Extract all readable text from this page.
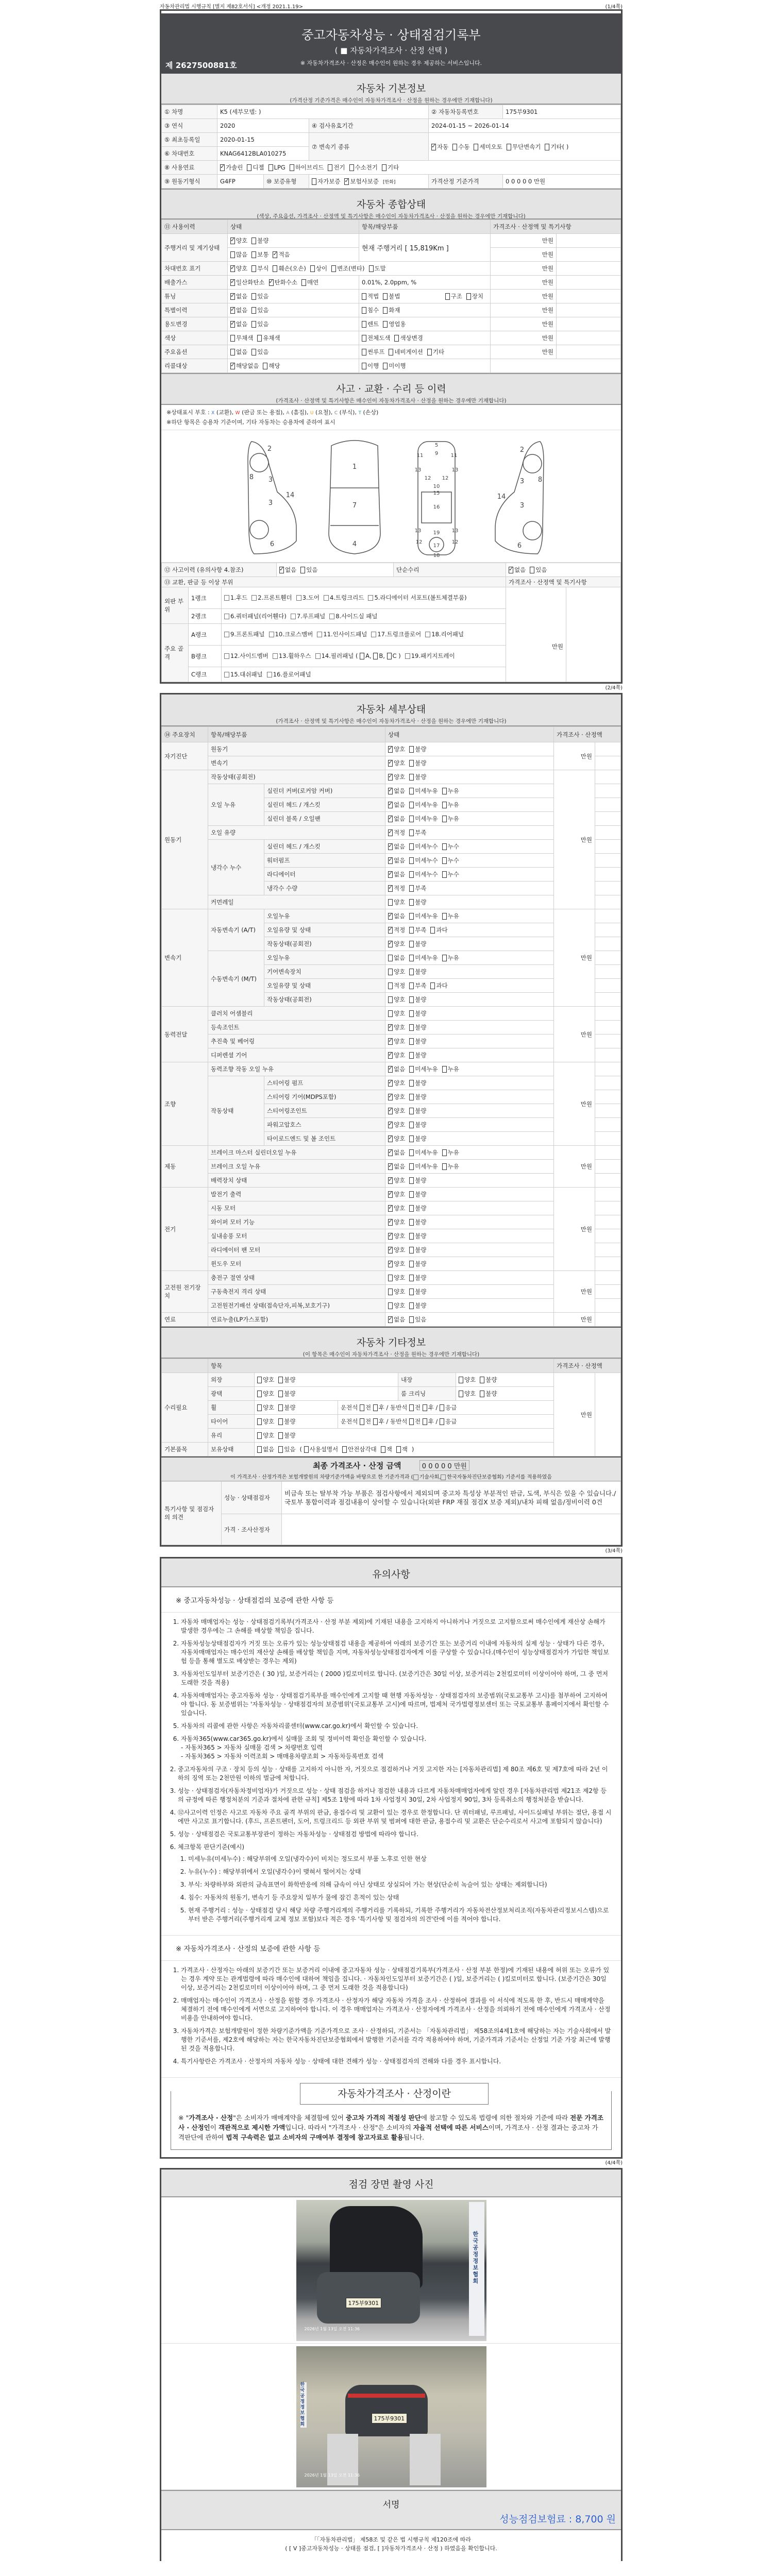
자동차관리법 시행규칙 [별지 제82호서식] <개정 2021.1.19>	(1/4쪽)
중고자동차성능 · 상태점검기록부
( ■ 자동차가격조사 · 산정 선택 )
※ 자동차가격조사 · 산정은 매수인이 원하는 경우 제공하는 서비스입니다.
제 2627500881호
자동차 기본정보
(가격산정 기준가격은 매수인이 자동차가격조사 · 산정을 원하는 경우에만 기재합니다)
① 차명	K5 (세부모델: )			② 자동차등록번호	175부9301
③ 연식	2020		④ 검사유효기간	2024-01-15 ~ 2026-01-14	
⑤ 최초등록일	2020-01-15		⑦ 변속기 종류	✓자동 수동 세미오토 무단변속기 기타( )
⑥ 차대번호	KNAG6412BLA010275				
⑧ 사용연료	✓가솔린 디젤 LPG 하이브리드 전기 수소전기 기타
⑨ 원동기형식	G4FP	⑩ 보증유형	자가보증 ✓ 보험사보증 [한화]	가격산정 기준가격	0 0 0 0 0 만원
자동차 종합상태
(색상, 주요옵션, 가격조사 · 산정액 및 특기사항은 매수인이 자동차가격조사 · 산정을 원하는 경우에만 기재합니다)
⑪ 사용이력	상태	항목/해당부품	가격조사 · 산정액 및 특기사항	
주행거리 및 계기상태	✓양호 불량	현재 주행거리 [ 15,819Km ]	만원	
	많음 보통 ✓ 적음		만원	
차대번호 표기	✓양호 부식 훼손(오손) 상이 변조(변타) 도말		만원	
배출가스	✓일산화탄소 ✓ 탄화수소 매연	0.01%, 2.0ppm, %	만원	
튜닝	✓없음 있음	적법 불법 구조 장치	만원	
특별이력	✓없음 있음	침수 화재	만원	
용도변경	✓없음 있음	렌트 영업용	만원	
색상	무채색 유채색	전체도색 색상변경	만원	
주요옵션	없음 있음	썬루프 네비게이션 기타	만원	
리콜대상	✓해당없음 해당	이행 미이행		
사고 · 교환 · 수리 등 이력
(가격조사 · 산정액 및 특기사항은 매수인이 자동차가격조사 · 산정을 원하는 경우에만 기재합니다)
※상태표시 부호 : X (교환), W (판금 또는 용접), A (흠집), U (요철), C (부식), T (손상)
※하단 항목은 승용차 기준이며, 기타 자동차는 승용차에 준하여 표시
2
8 3
3
14
6
2
8
3
3
14
6
1
7
4
5
9
11	11
13	13
12 12
10
15
16
13	13
19
12	12
17
18
⑫ 사고이력 (유의사항 4.참조)	✓없음 있음	단순수리	✓없음 있음
⑬ 교환, 판금 등 이상 부위					가격조사 · 산정액 및 특기사항	
외판 부위	1랭크	1.후드 2.프론트휀더 3.도어 4.트렁크리드 5.라디에이터 서포트(볼트체결부품)			만원	
	2랭크	6.쿼터패널(리어휀다) 7.루프패널 8.사이드실 패널				
주요 골격	A랭크	9.프론트패널 10.크로스멤버 11.인사이드패널 17.트렁크플로어 18.리어패널				
	B랭크	12.사이드멤버 13.휠하우스 14.필러패널 ( A, B, C ) 19.패키지트레이				
	C랭크	15.대쉬패널 16.플로어패널				
(2/4쪽)
자동차 세부상태
(가격조사 · 산정액 및 특기사항은 매수인이 자동차가격조사 · 산정을 원하는 경우에만 기재합니다)
⑭ 주요장치	항목/해당부품		상태	가격조사 · 산정액	
자기진단	원동기	✓양호 불량	만원	
	변속기	✓양호 불량	
원동기	작동상태(공회전)	✓양호 불량	만원	
	오일 누유	실린더 커버(로커암 커버)	✓없음 미세누유 누유	
		실린더 헤드 / 개스킷	✓없음 미세누유 누유	
		실린더 블록 / 오일팬	✓없음 미세누유 누유	
	오일 유량	✓적정 부족	
	냉각수 누수	실린더 헤드 / 개스킷	✓없음 미세누수 누수	
		워터펌프	✓없음 미세누수 누수	
		라디에이터	✓없음 미세누수 누수	
		냉각수 수량	✓적정 부족	
	커먼레일		양호 불량		
변속기	자동변속기 (A/T)	오일누유	✓없음 미세누유 누유	만원	
		오일유량 및 상태	✓적정 부족 과다	
		작동상태(공회전)	✓양호 불량	
	수동변속기 (M/T)	오일누유	없음 미세누유 누유		
		기어변속장치	양호 불량		
		오일유량 및 상태	적정 부족 과다		
		작동상태(공회전)	양호 불량		
동력전달	클러치 어셈블리		양호 불량	만원	
	등속조인트	✓양호 불량	
	추진축 및 베어링	✓양호 불량	
	디퍼렌셜 기어	✓양호 불량	
조향	동력조향 작동 오일 누유	✓없음 미세누유 누유	만원	
	작동상태	스티어링 펌프	✓양호 불량	
		스티어링 기어(MDPS포함)	✓양호 불량	
		스티어링조인트	✓양호 불량	
		파워고압호스	✓양호 불량	
		타이로드엔드 및 볼 조인트	✓양호 불량	
제동	브레이크 마스터 실린더오일 누유	✓없음 미세누유 누유	만원	
	브레이크 오일 누유	✓없음 미세누유 누유	
	배력장치 상태	✓양호 불량	
전기	발전기 출력	✓양호 불량	만원	
	시동 모터	✓양호 불량	
	와이퍼 모터 기능	✓양호 불량	
	실내송풍 모터	✓양호 불량	
	라디에이터 팬 모터	✓양호 불량	
	윈도우 모터	✓양호 불량	
고전원 전기장치	충전구 절연 상태		양호 불량	만원	
	구동축전지 격리 상태		양호 불량		
	고전원전기배선 상태(접속단자,피복,보호기구)		양호 불량		
연료	연료누출(LP가스포함)	✓없음 있음	만원	
자동차 기타정보
(이 항목은 매수인이 자동차가격조사 · 산정을 원하는 경우에만 기재합니다)
	항목					가격조사 · 산정액	
수리필요	외장	양호 불량		내장	양호 불량	만원	
	광택	양호 불량		룸 크리닝	양호 불량		
	휠	양호 불량	운전석 전 후 / 동반석 전 후 / 응급				
	타이어	양호 불량	운전석 전 후 / 동반석 전 후 / 응급				
	유리	양호 불량					
기본품목	보유상태	없음 있음 ( 사용설명서 안전삼각대 잭 잭 )					
최종 가격조사 · 산정 금액	0 0 0 0 0 만원
이 가격조사 · 산정가격은 보험개발원의 차량기준가액을 바탕으로 한 기준가격과 ( 기술사회, 한국자동차진단보증협회) 기준서를 적용하였음
특기사항 및 점검자의 의견	성능 · 상태점검자	비금속 또는 탈부착 가능 부품은 점검사항에서 제외되며 중고차 특성상 부분적인 판금, 도색, 부식은 있을 수 있습니다./국토부 통합이력과 점검내용이 상이할 수 있습니다(외판 FRP 재질 점검X 보증 제외)/내차 피해 없음/정비이력 0건
	가격 · 조사산정자	
(3/4쪽)
유의사항
※ 중고자동차성능 · 상태점검의 보증에 관한 사항 등
1. 자동차 매매업자는 성능 · 상태점검기록부(가격조사 · 산정 부분 제외)에 기재된 내용을 고지하지 아니하거나 거짓으로 고지함으로써 매수인에게 재산상 손해가 발생한 경우에는 그 손해를 배상할 책임을 집니다.
2. 자동차성능상태점검자가 거짓 또는 오류가 있는 성능상태점검 내용을 제공하여 아래의 보증기간 또는 보증거리 이내에 자동차의 실제 성능 · 상태가 다른 경우, 자동차매매업자는 매수인의 재산상 손해를 배상할 책임을 지며, 자동차성능상태점검자에게 이를 구상할 수 있습니다.(매수인이 성능상태점검자가 가입한 책임보험 등을 통해 별도로 배상받는 경우는 제외)
3. 자동차인도일부터 보증기간은 ( 30 )일, 보증거리는 ( 2000 )킬로미터로 합니다. (보증기간은 30일 이상, 보증거리는 2천킬로미터 이상이어야 하며, 그 중 먼저 도래한 것을 적용)
4. 자동차매매업자는 중고자동차 성능 · 상태점검기록부를 매수인에게 고지할 때 현행 자동차성능 · 상태점검자의 보증범위(국토교통부 고시)를 첨부하여 고지하여야 합니다. 동 보증범위는 '자동차성능 · 상태점검자의 보증범위'(국토교통부 고시)에 따르며, 법제처 국가법령정보센터 또는 국토교통부 홈페이지에서 확인할 수 있습니다.
5. 자동차의 리콜에 관한 사항은 자동차리콜센터(www.car.go.kr)에서 확인할 수 있습니다.
6. 자동차365(www.car365.go.kr)에서 실매물 조회 및 정비이력 확인을 확인할 수 있습니다.
- 자동차365 > 자동차 실매물 검색 > 차량번호 입력
- 자동차365 > 자동차 이력조회 > 매매용차량조회 > 자동차등록번호 검색
2. 중고자동차의 구조 · 장치 등의 성능 · 상태를 고지하지 아니한 자, 거짓으로 점검하거나 거짓 고지한 자는 [자동차관리법] 제 80조 제6호 및 제7호에 따라 2년 이하의 징역 또는 2천만원 이하의 벌금에 처합니다.
3. 성능 · 상태점검자(자동차정비업자)가 거짓으로 성능 · 상태 점검을 하거나 점검한 내용과 다르게 자동차매매업자에게 알린 경우 [자동차관리법 제21조 제2항 등의 규정에 따른 행정처분의 기준과 절차에 관한 규칙] 제5조 1항에 따라 1차 사업정지 30일, 2차 사업정지 90일, 3차 등록취소의 행정처분을 받습니다.
4. ⑫사고이력 인정은 사고로 자동차 주요 골격 부위의 판금, 용접수리 및 교환이 있는 경우로 한정합니다. 단 쿼터패널, 루프패널, 사이드실패널 부위는 절단, 용접 시에만 사고로 표기합니다. (후드, 프론트펜더, 도어, 트렁크리드 등 외판 부위 및 범퍼에 대한 판금, 용접수리 및 교환은 단순수리로서 사고에 포함되지 않습니다)
5. 성능 · 상태점검은 국토교통부장관이 정하는 자동차성능 · 상태점검 방법에 따라야 합니다.
6. 체크항목 판단기준(예시)
1. 미세누유(미세누수) : 해당부위에 오일(냉각수)이 비치는 정도로서 부품 노후로 인한 현상
2. 누유(누수) : 해당부위에서 오일(냉각수)이 맺혀서 떨어지는 상태
3. 부식: 차량하부와 외판의 금속표면이 화학반응에 의해 금속이 아닌 상태로 상실되어 가는 현상(단순히 녹슬어 있는 상태는 제외합니다)
4. 침수: 자동차의 원동기, 변속기 등 주요장치 일부가 물에 잠긴 흔적이 있는 상태
5. 현재 주행거리 : 성능 · 상태점검 당시 해당 차량 주행거리계의 주행거리를 기록하되, 기록한 주행거리가 자동차전산정보처리조직(자동차관리정보시스템)으로부터 받은 주행거리(주행거리계 교체 정보 포함)보다 적은 경우 '특기사항 및 점검자의 의견'란에 이를 적어야 합니다.
※ 자동차가격조사 · 산정의 보증에 관한 사항 등
1. 가격조사 · 산정자는 아래의 보증기간 또는 보증거리 이내에 중고자동차 성능 · 상태점검기록부(가격조사 · 산정 부분 한정)에 기재된 내용에 허위 또는 오류가 있는 경우 계약 또는 관계법령에 따라 매수인에 대하여 책임을 집니다. · 자동차인도일부터 보증기간은 ( )일, 보증거리는 ( )킬로미터로 합니다. (보증기간은 30일 이상, 보증거리는 2천킬로미터 이상이어야 하며, 그 중 먼저 도래한 것을 적용합니다)
2. 매매업자는 매수인이 가격조사 · 산정을 원할 경우 가격조사 · 산정자가 해당 자동차 가격을 조사 · 산정하여 결과를 이 서식에 적도록 한 후, 반드시 매매계약을 체결하기 전에 매수인에게 서면으로 고지하여야 합니다. 이 경우 매매업자는 가격조사 · 산정자에게 가격조사 · 산정을 의뢰하기 전에 매수인에게 가격조사 · 산정 비용을 안내하여야 합니다.
3. 자동차가격은 보험개발원이 정한 차량기준가액을 기준가격으로 조사 · 산정하되, 기준서는 「자동차관리법」 제58조의4제1호에 해당하는 자는 기술사회에서 발행한 기준서를, 제2호에 해당하는 자는 한국자동차진단보증협회에서 발행한 기준서를 각각 적용하여야 하며, 기준가격과 기준서는 산정일 기준 가장 최근에 발행된 것을 적용합니다.
4. 특기사항란은 가격조사 · 산정자의 자동차 성능 · 상태에 대한 견해가 성능 · 상태점검자의 견해와 다를 경우 표시합니다.
자동차가격조사 · 산정이란
※ "가격조사 · 산정"은 소비자가 매매계약을 체결함에 있어 중고차 가격의 적절성 판단에 참고할 수 있도록 법령에 의한 절차와 기준에 따라 전문 가격조사 · 산정인이 객관적으로 제시한 가액입니다. 따라서 "가격조사 · 산정"은 소비자의 자율적 선택에 따른 서비스이며, 가격조사 · 산정 결과는 중고차 가격판단에 관하여 법적 구속력은 없고 소비자의 구매여부 결정에 참고자료로 활용됩니다.
(4/4쪽)
점검 장면 촬영 사진
한국공정정보협회
175부9301
2026년 1월 13일 오전 11:36
한국공정정보협회
175부9301
2026년 1월 13일 오전 11:36
서명
성능점검보험료 : 8,700 원
「「자동차관리법」 제58조 및 같은 법 시행규칙 제120조에 따라
( [ V ]중고자동차성능 · 상태를 점검, [ ]자동차가격조사 · 산정 ) 하였음을 확인합니다.
